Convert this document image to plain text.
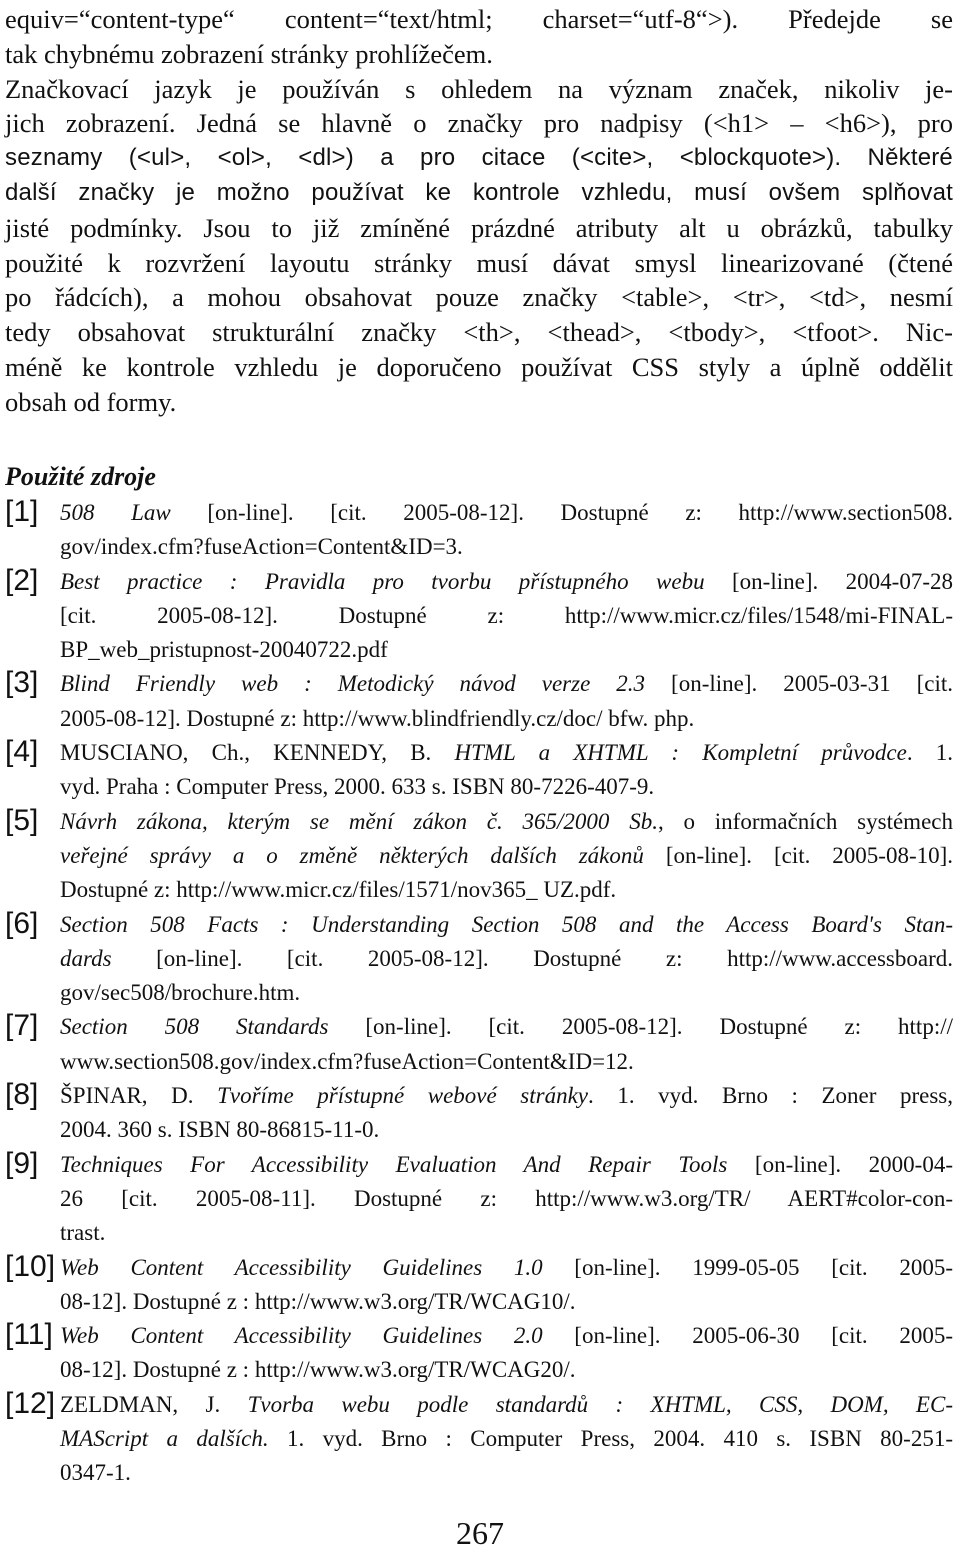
equiv=“content-type“ content=“text/html; charset=“utf-8“>). Předejde se
tak chybnému zobrazení stránky prohlížečem.
Značkovací jazyk je používán s ohledem na význam značek, nikoliv je-
jich zobrazení. Jedná se hlavně o značky pro nadpisy (<h1> – <h6>), pro
seznamy (<ul>, <ol>, <dl>) a pro citace (<cite>, <blockquote>). Některé
další značky je možno používat ke kontrole vzhledu, musí ovšem splňovat
jisté podmínky. Jsou to již zmíněné prázdné atributy alt u obrázků, tabulky
použité k rozvržení layoutu stránky musí dávat smysl linearizované (čtené
po řádcích), a mohou obsahovat pouze značky <table>, <tr>, <td>, nesmí
tedy obsahovat strukturální značky <th>, <thead>, <tbody>, <tfoot>. Nic-
méně ke kontrole vzhledu je doporučeno používat CSS styly a úplně oddělit
obsah od formy.
Použité zdroje
[1] 508 Law [on-line]. [cit. 2005-08-12]. Dostupné z: http://www.section508.
gov/index.cfm?fuseAction=Content&ID=3.
[2] Best practice : Pravidla pro tvorbu přístupného webu [on-line]. 2004-07-28
[cit. 2005-08-12]. Dostupné z: http://www.micr.cz/files/1548/mi-FINAL-
BP_web_pristupnost-20040722.pdf
[3] Blind Friendly web : Metodický návod verze 2.3 [on-line]. 2005-03-31 [cit.
2005-08-12]. Dostupné z: http://www.blindfriendly.cz/doc/ bfw. php.
[4] MUSCIANO, Ch., KENNEDY, B. HTML a XHTML : Kompletní průvodce. 1.
vyd. Praha : Computer Press, 2000. 633 s. ISBN 80-7226-407-9.
[5] Návrh zákona, kterým se mění zákon č. 365/2000 Sb., o informačních systémech
veřejné správy a o změně některých dalších zákonů [on-line]. [cit. 2005-08-10].
Dostupné z: http://www.micr.cz/files/1571/nov365_ UZ.pdf.
[6] Section 508 Facts : Understanding Section 508 and the Access Board's Stan-
dards [on-line]. [cit. 2005-08-12]. Dostupné z: http://www.accessboard.
gov/sec508/brochure.htm.
[7] Section 508 Standards [on-line]. [cit. 2005-08-12]. Dostupné z: http://
www.section508.gov/index.cfm?fuseAction=Content&ID=12.
[8] ŠPINAR, D. Tvoříme přístupné webové stránky. 1. vyd. Brno : Zoner press,
2004. 360 s. ISBN 80-86815-11-0.
[9] Techniques For Accessibility Evaluation And Repair Tools [on-line]. 2000-04-
26 [cit. 2005-08-11]. Dostupné z: http://www.w3.org/TR/ AERT#color-con-
trast.
[10] Web Content Accessibility Guidelines 1.0 [on-line]. 1999-05-05 [cit. 2005-
08-12]. Dostupné z : http://www.w3.org/TR/WCAG10/.
[11] Web Content Accessibility Guidelines 2.0 [on-line]. 2005-06-30 [cit. 2005-
08-12]. Dostupné z : http://www.w3.org/TR/WCAG20/.
[12] ZELDMAN, J. Tvorba webu podle standardů : XHTML, CSS, DOM, EC-
MAScript a dalších. 1. vyd. Brno : Computer Press, 2004. 410 s. ISBN 80-251-
0347-1.
267
